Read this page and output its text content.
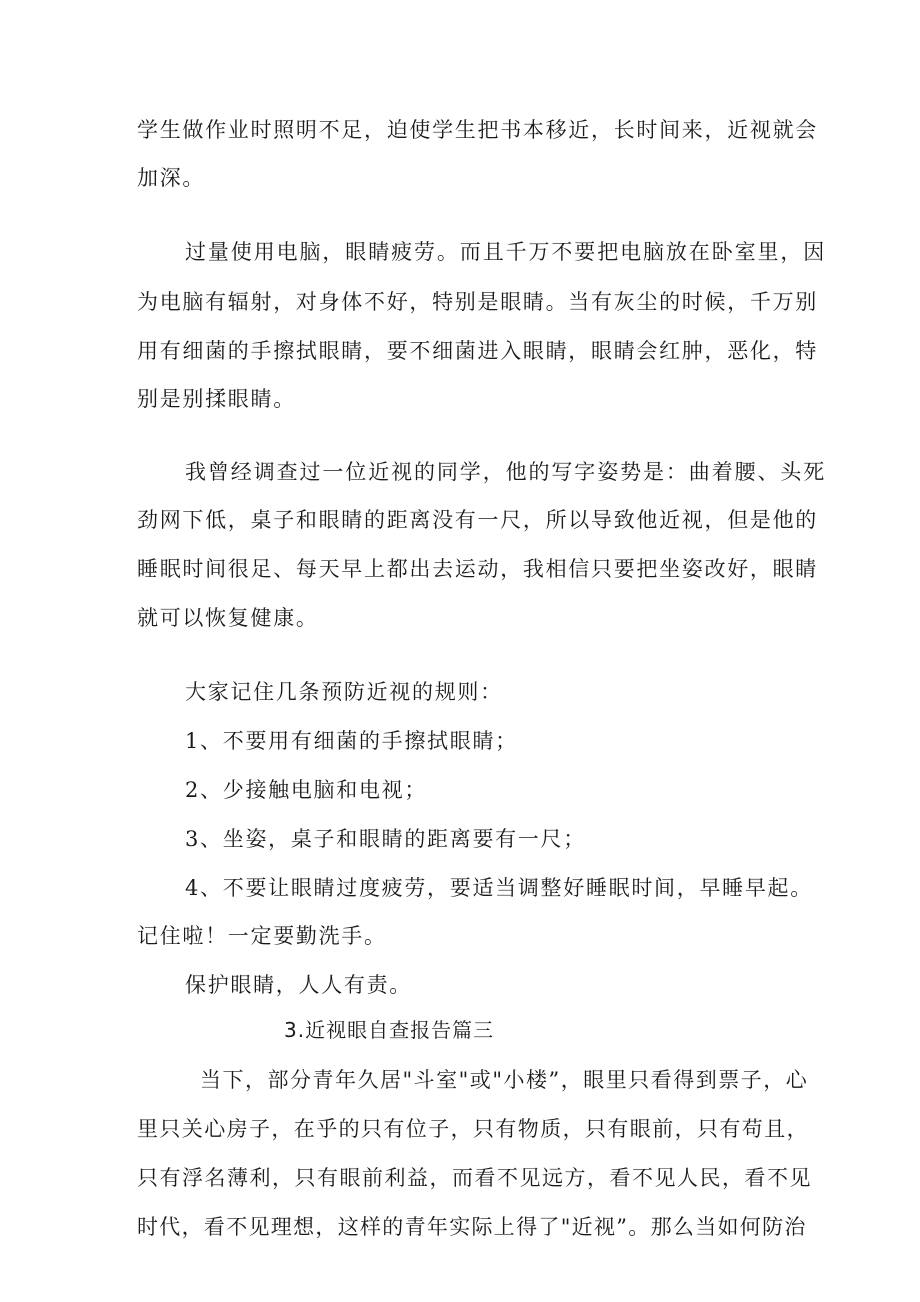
学生做作业时照明不足，迫使学生把书本移近，长时间来，近视就会
加深。
过量使用电脑，眼睛疲劳。而且千万不要把电脑放在卧室里，因
为电脑有辐射，对身体不好，特别是眼睛。当有灰尘的时候，千万别
用有细菌的手擦拭眼睛，要不细菌进入眼睛，眼睛会红肿，恶化，特
别是别揉眼睛。
我曾经调查过一位近视的同学，他的写字姿势是：曲着腰、头死
劲网下低，桌子和眼睛的距离没有一尺，所以导致他近视，但是他的
睡眠时间很足、每天早上都出去运动，我相信只要把坐姿改好，眼睛
就可以恢复健康。
大家记住几条预防近视的规则：
1、不要用有细菌的手擦拭眼睛；
2、少接触电脑和电视；
3、坐姿，桌子和眼睛的距离要有一尺；
4、不要让眼睛过度疲劳，要适当调整好睡眠时间，早睡早起。
记住啦！一定要勤洗手。
保护眼睛，人人有责。
3.近视眼自查报告篇三
当下，部分青年久居"斗室"或"小楼”，眼里只看得到票子，心
里只关心房子，在乎的只有位子，只有物质，只有眼前，只有苟且，
只有浮名薄利，只有眼前利益，而看不见远方，看不见人民，看不见
时代，看不见理想，这样的青年实际上得了"近视”。那么当如何防治
